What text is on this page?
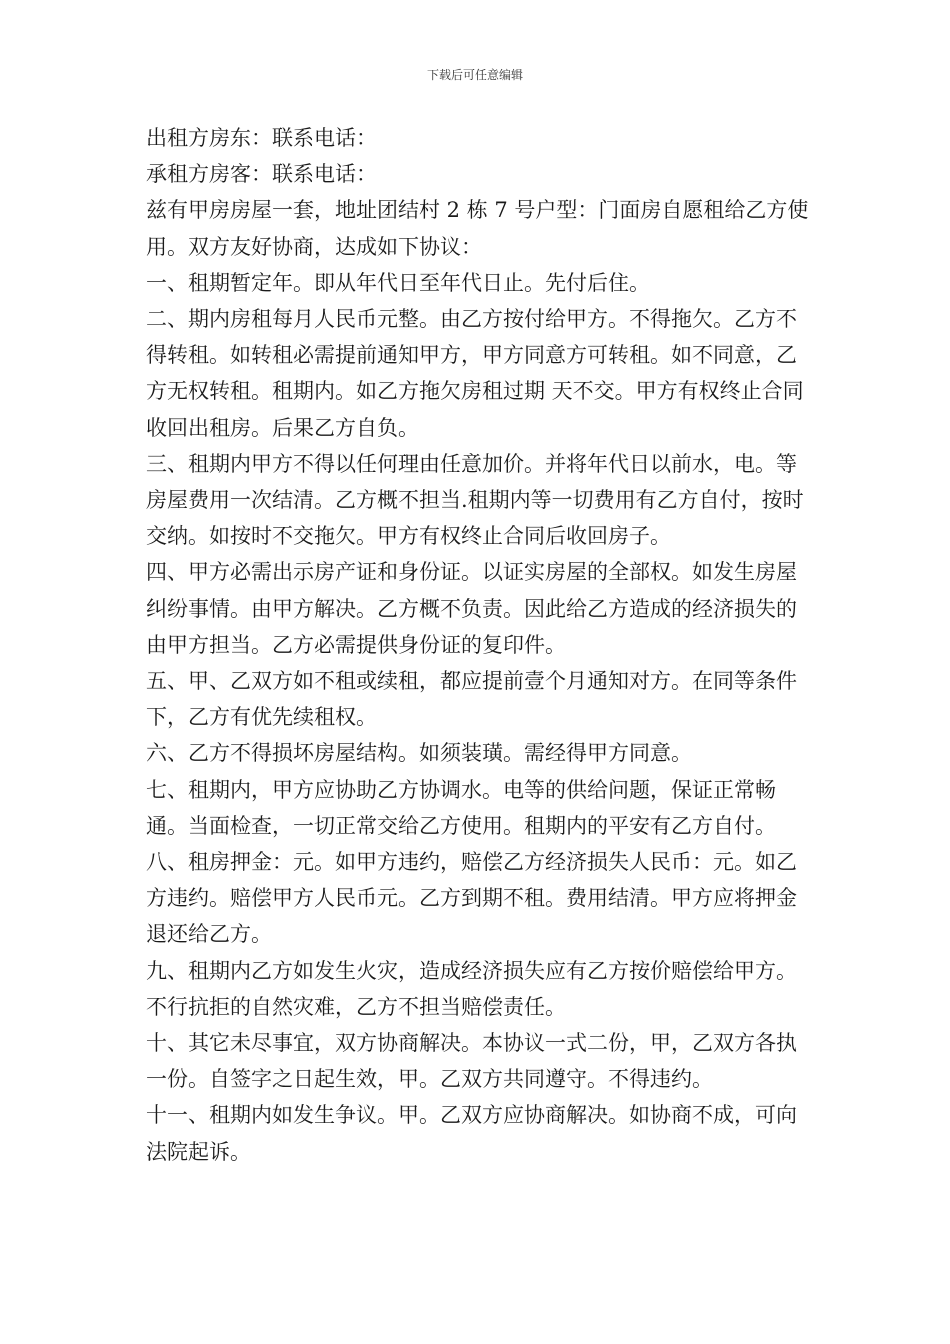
下载后可任意编辑

出租方房东：联系电话：

承租方房客：联系电话：

兹有甲房房屋一套，地址团结村 2 栋 7 号户型：门面房自愿租给乙方使用。双方友好协商，达成如下协议：

一、租期暂定年。即从年代日至年代日止。先付后住。

二、期内房租每月人民币元整。由乙方按付给甲方。不得拖欠。乙方不得转租。如转租必需提前通知甲方，甲方同意方可转租。如不同意，乙方无权转租。租期内。如乙方拖欠房租过期 天不交。甲方有权终止合同收回出租房。后果乙方自负。

三、租期内甲方不得以任何理由任意加价。并将年代日以前水，电。等房屋费用一次结清。乙方概不担当.租期内等一切费用有乙方自付，按时交纳。如按时不交拖欠。甲方有权终止合同后收回房子。

四、甲方必需出示房产证和身份证。以证实房屋的全部权。如发生房屋纠纷事情。由甲方解决。乙方概不负责。因此给乙方造成的经济损失的由甲方担当。乙方必需提供身份证的复印件。

五、甲、乙双方如不租或续租，都应提前壹个月通知对方。在同等条件下，乙方有优先续租权。

六、乙方不得损坏房屋结构。如须装璜。需经得甲方同意。

七、租期内，甲方应协助乙方协调水。电等的供给问题，保证正常畅通。当面检查，一切正常交给乙方使用。租期内的平安有乙方自付。

八、租房押金：元。如甲方违约，赔偿乙方经济损失人民币：元。如乙方违约。赔偿甲方人民币元。乙方到期不租。费用结清。甲方应将押金退还给乙方。

九、租期内乙方如发生火灾，造成经济损失应有乙方按价赔偿给甲方。不行抗拒的自然灾难，乙方不担当赔偿责任。

十、其它未尽事宜，双方协商解决。本协议一式二份，甲，乙双方各执一份。自签字之日起生效，甲。乙双方共同遵守。不得违约。

十一、租期内如发生争议。甲。乙双方应协商解决。如协商不成，可向法院起诉。
